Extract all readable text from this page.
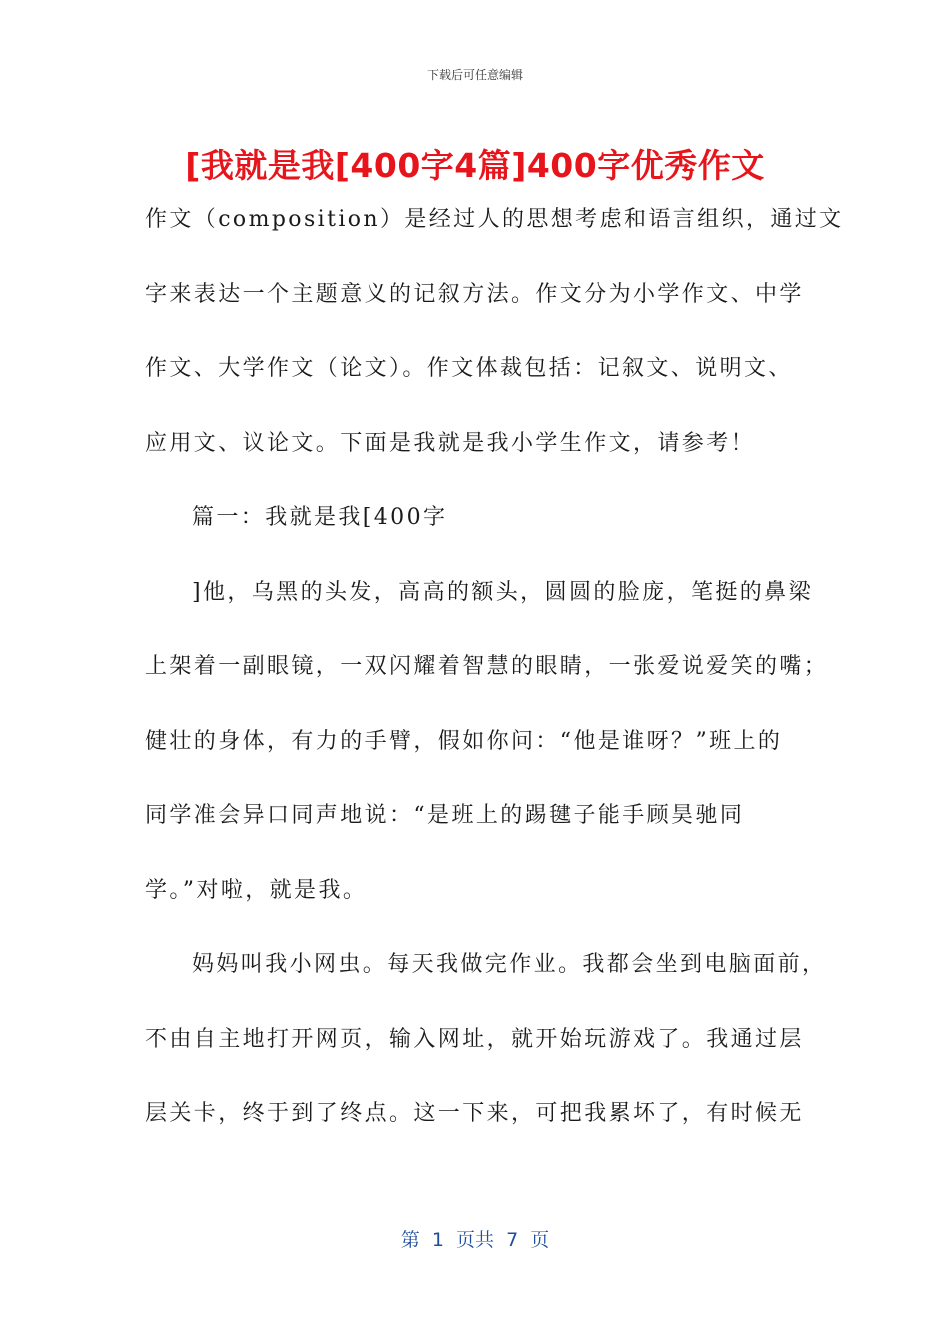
下载后可任意编辑
[我就是我[400字4篇]400字优秀作文

作文（composition）是经过人的思想考虑和语言组织，通过文

字来表达一个主题意义的记叙方法。作文分为小学作文、中学

作文、大学作文（论文）。作文体裁包括：记叙文、说明文、

应用文、议论文。下面是我就是我小学生作文，请参考！

篇一：我就是我[400字

]他，乌黑的头发，高高的额头，圆圆的脸庞，笔挺的鼻梁

上架着一副眼镜，一双闪耀着智慧的眼睛，一张爱说爱笑的嘴；

健壮的身体，有力的手臂，假如你问：“他是谁呀？”班上的

同学准会异口同声地说：“是班上的踢毽子能手顾昊驰同

学。”对啦，就是我。

妈妈叫我小网虫。每天我做完作业。我都会坐到电脑面前，

不由自主地打开网页，输入网址，就开始玩游戏了。我通过层

层关卡，终于到了终点。这一下来，可把我累坏了，有时候无

第  1  页共  7  页
